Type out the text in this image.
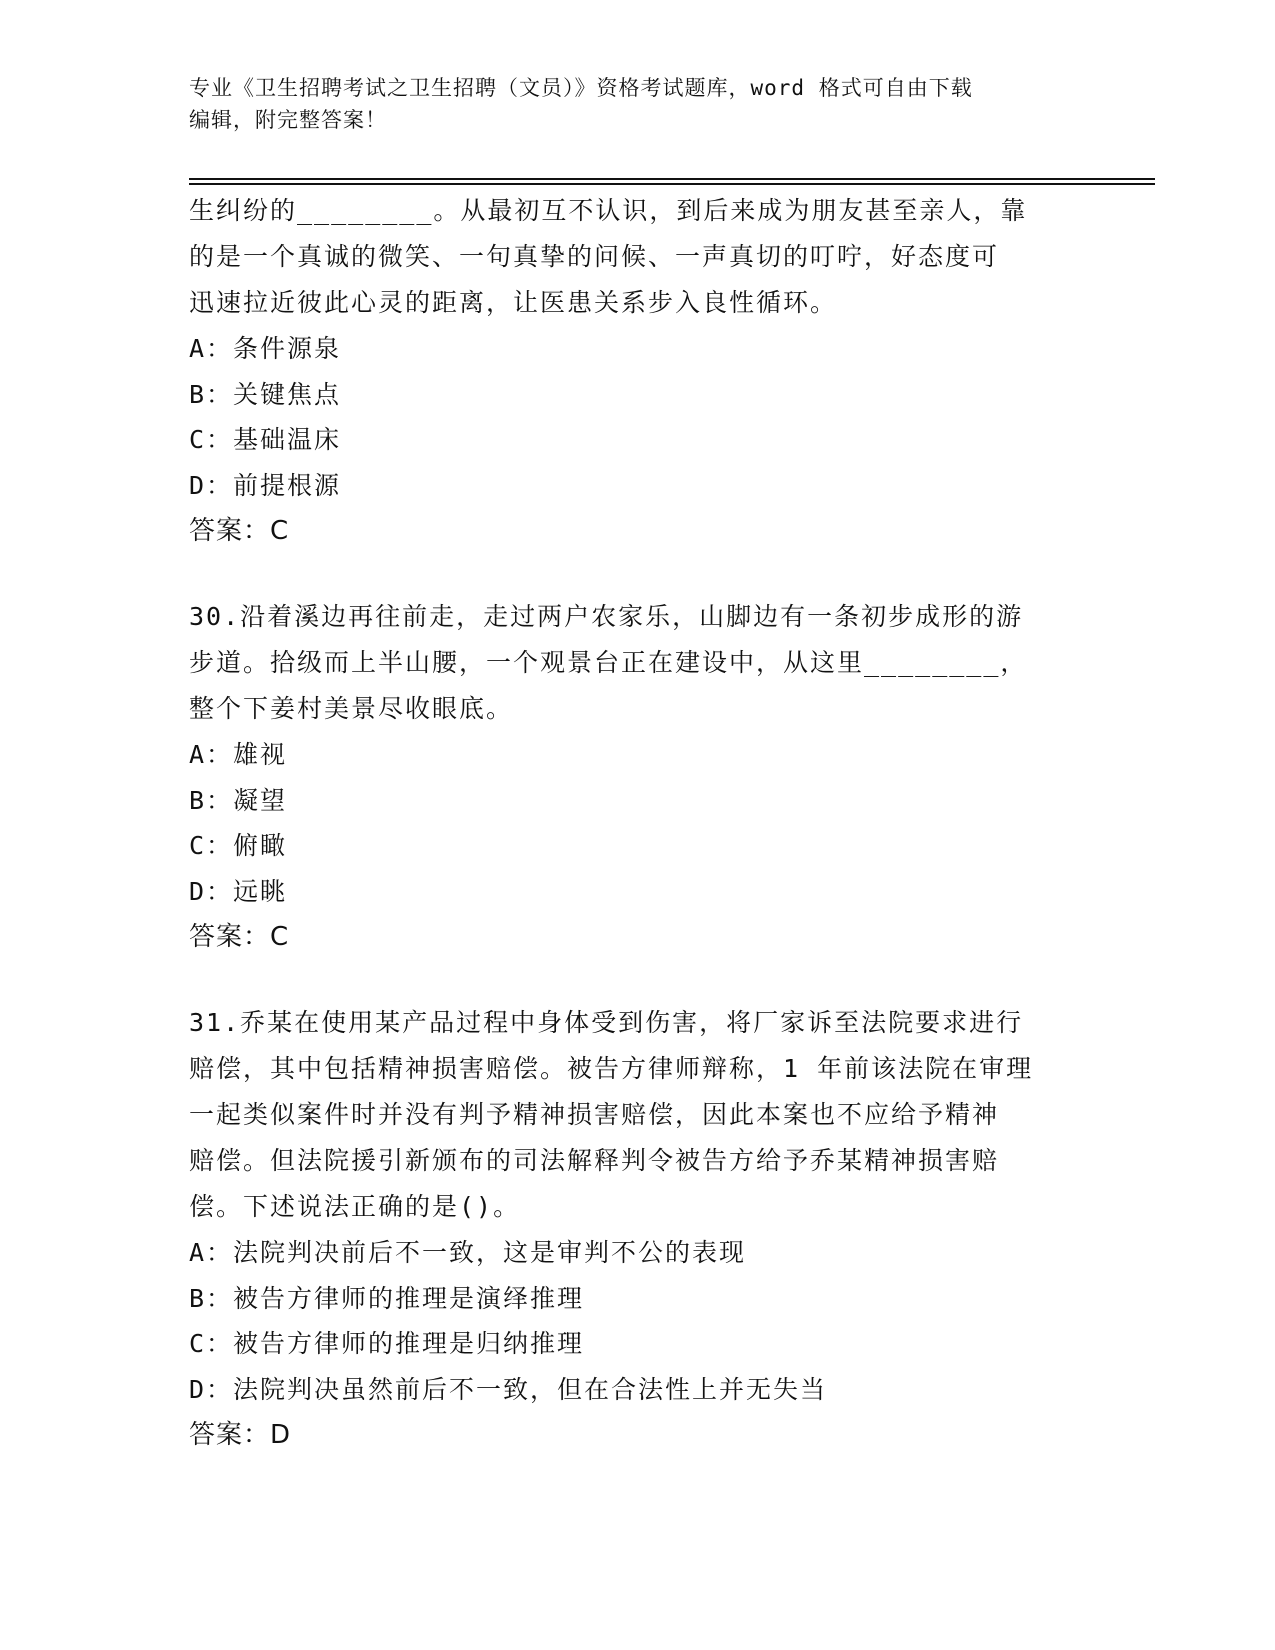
专业《卫生招聘考试之卫生招聘（文员）》资格考试题库，word 格式可自由下载
编辑，附完整答案！

生纠纷的________。从最初互不认识，到后来成为朋友甚至亲人，靠

的是一个真诚的微笑、一句真挚的问候、一声真切的叮咛，好态度可

迅速拉近彼此心灵的距离，让医患关系步入良性循环。

A：条件源泉

B：关键焦点

C：基础温床

D：前提根源

答案：C

30.沿着溪边再往前走，走过两户农家乐，山脚边有一条初步成形的游

步道。拾级而上半山腰，一个观景台正在建设中，从这里________，

整个下姜村美景尽收眼底。

A：雄视

B：凝望

C：俯瞰

D：远眺

答案：C

31.乔某在使用某产品过程中身体受到伤害，将厂家诉至法院要求进行

赔偿，其中包括精神损害赔偿。被告方律师辩称，1 年前该法院在审理

一起类似案件时并没有判予精神损害赔偿，因此本案也不应给予精神

赔偿。但法院援引新颁布的司法解释判令被告方给予乔某精神损害赔

偿。下述说法正确的是()。

A：法院判决前后不一致，这是审判不公的表现

B：被告方律师的推理是演绎推理

C：被告方律师的推理是归纳推理

D：法院判决虽然前后不一致，但在合法性上并无失当

答案：D
